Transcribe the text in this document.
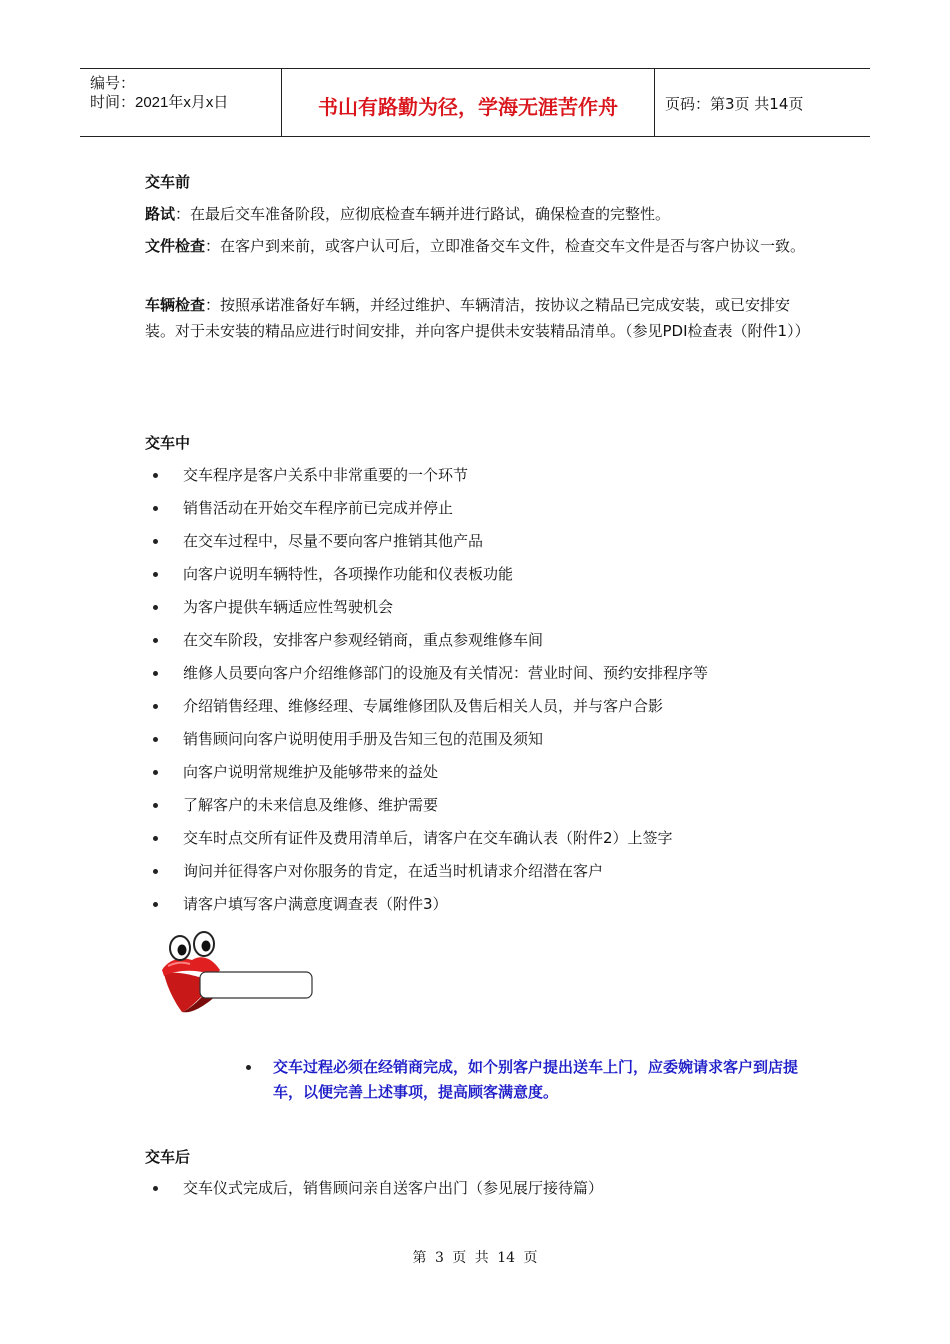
编号：
时间：2021年x月x日	书山有路勤为径，学海无涯苦作舟	页码：第3页 共14页
交车前
路试：在最后交车准备阶段，应彻底检查车辆并进行路试，确保检查的完整性。
文件检查：在客户到来前，或客户认可后，立即准备交车文件，检查交车文件是否与客户协议一致。
车辆检查：按照承诺准备好车辆，并经过维护、车辆清洁，按协议之精品已完成安装，或已安排安装。对于未安装的精品应进行时间安排，并向客户提供未安装精品清单。（参见PDI检查表（附件1））
交车中
交车程序是客户关系中非常重要的一个环节
销售活动在开始交车程序前已完成并停止
在交车过程中，尽量不要向客户推销其他产品
向客户说明车辆特性，各项操作功能和仪表板功能
为客户提供车辆适应性驾驶机会
在交车阶段，安排客户参观经销商，重点参观维修车间
维修人员要向客户介绍维修部门的设施及有关情况：营业时间、预约安排程序等
介绍销售经理、维修经理、专属维修团队及售后相关人员，并与客户合影
销售顾问向客户说明使用手册及告知三包的范围及须知
向客户说明常规维护及能够带来的益处
了解客户的未来信息及维修、维护需要
交车时点交所有证件及费用清单后，请客户在交车确认表（附件2）上签字
询问并征得客户对你服务的肯定，在适当时机请求介绍潜在客户
请客户填写客户满意度调查表（附件3）
交车过程必须在经销商完成，如个别客户提出送车上门，应委婉请求客户到店提车，以便完善上述事项，提高顾客满意度。
交车后
交车仪式完成后，销售顾问亲自送客户出门（参见展厅接待篇）
第 3 页 共 14 页
